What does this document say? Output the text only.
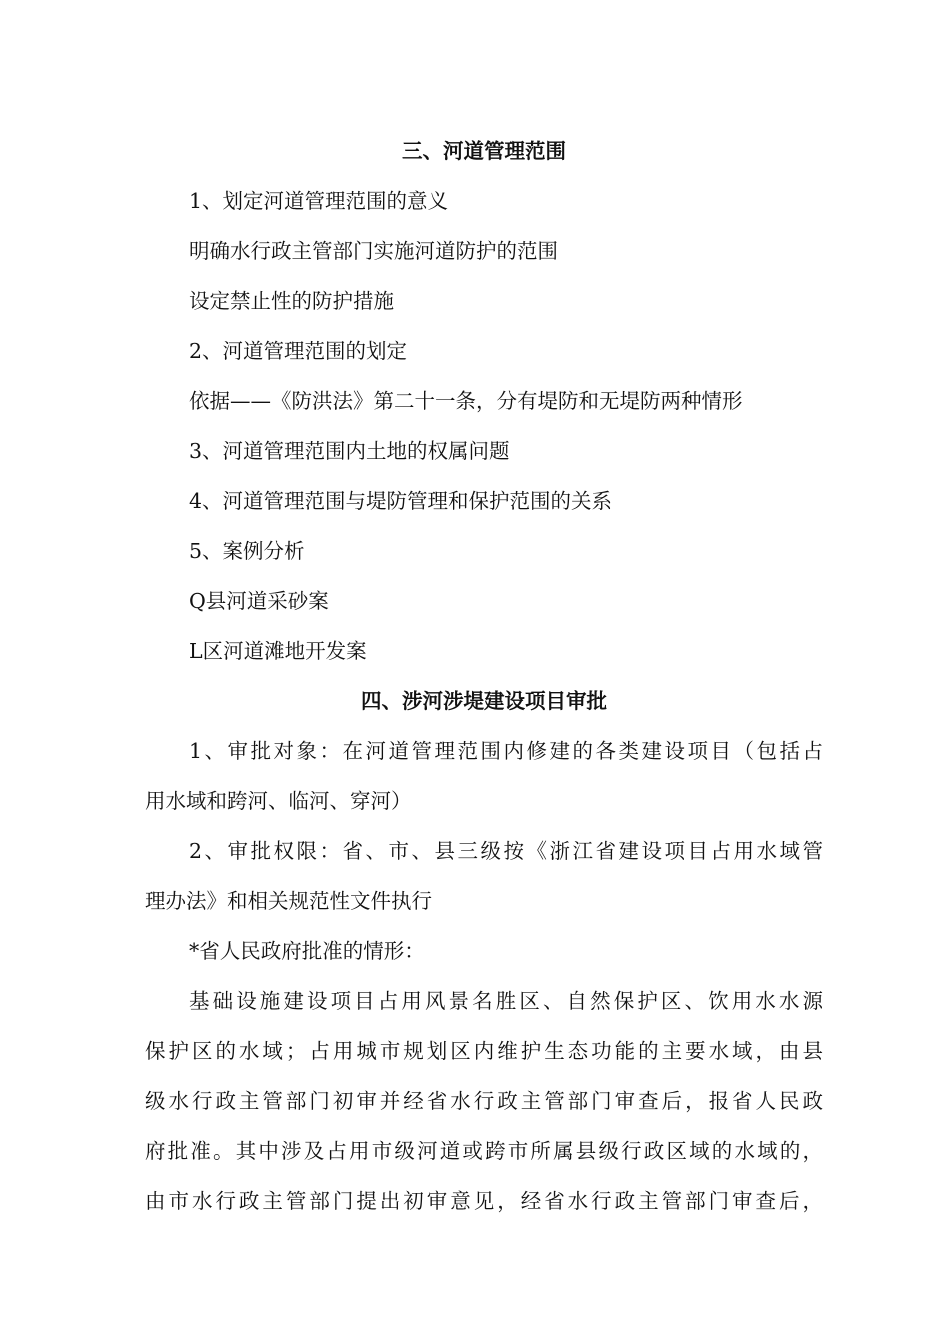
三、河道管理范围
1、划定河道管理范围的意义
明确水行政主管部门实施河道防护的范围
设定禁止性的防护措施
2、河道管理范围的划定
依据——《防洪法》第二十一条，分有堤防和无堤防两种情形
3、河道管理范围内土地的权属问题
4、河道管理范围与堤防管理和保护范围的关系
5、案例分析
Q县河道采砂案
L区河道滩地开发案
四、涉河涉堤建设项目审批
1、审批对象：在河道管理范围内修建的各类建设项目（包括占
用水域和跨河、临河、穿河）
2、审批权限：省、市、县三级按《浙江省建设项目占用水域管
理办法》和相关规范性文件执行
*省人民政府批准的情形：
基础设施建设项目占用风景名胜区、自然保护区、饮用水水源
保护区的水域；占用城市规划区内维护生态功能的主要水域，由县
级水行政主管部门初审并经省水行政主管部门审查后，报省人民政
府批准。其中涉及占用市级河道或跨市所属县级行政区域的水域的，
由市水行政主管部门提出初审意见，经省水行政主管部门审查后，
